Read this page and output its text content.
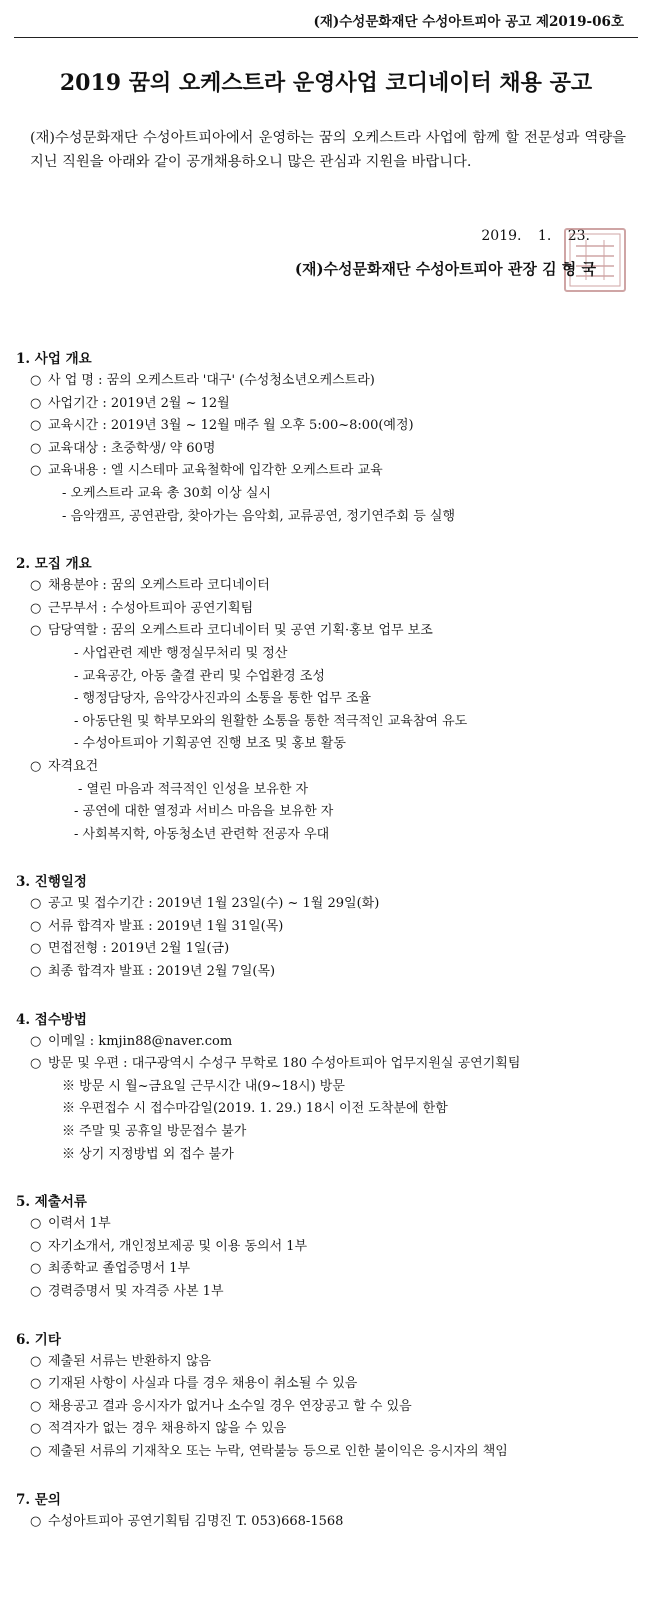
(재)수성문화재단 수성아트피아 공고 제2019-06호
2019 꿈의 오케스트라 운영사업 코디네이터 채용 공고
(재)수성문화재단 수성아트피아에서 운영하는 꿈의 오케스트라 사업에 함께 할 전문성과 역량을 지닌 직원을 아래와 같이 공개채용하오니 많은 관심과 지원을 바랍니다.
2019. 1. 23.
(재)수성문화재단 수성아트피아 관장 김 형 국
1. 사업 개요
○ 사 업 명 : 꿈의 오케스트라 '대구' (수성청소년오케스트라)
○ 사업기간 : 2019년 2월 ~ 12월
○ 교육시간 : 2019년 3월 ~ 12월 매주 월 오후 5:00~8:00(예정)
○ 교육대상 : 초중학생/ 약 60명
○ 교육내용 : 엘 시스테마 교육철학에 입각한 오케스트라 교육
- 오케스트라 교육 총 30회 이상 실시
- 음악캠프, 공연관람, 찾아가는 음악회, 교류공연, 정기연주회 등 실행
2. 모집 개요
○ 채용분야 : 꿈의 오케스트라 코디네이터
○ 근무부서 : 수성아트피아 공연기획팀
○ 담당역할 : 꿈의 오케스트라 코디네이터 및 공연 기획·홍보 업무 보조
- 사업관련 제반 행정실무처리 및 정산
- 교육공간, 아동 출결 관리 및 수업환경 조성
- 행정담당자, 음악강사진과의 소통을 통한 업무 조율
- 아동단원 및 학부모와의 원활한 소통을 통한 적극적인 교육참여 유도
- 수성아트피아 기획공연 진행 보조 및 홍보 활동
○ 자격요건
- 열린 마음과 적극적인 인성을 보유한 자
- 공연에 대한 열정과 서비스 마음을 보유한 자
- 사회복지학, 아동청소년 관련학 전공자 우대
3. 진행일정
○ 공고 및 접수기간 : 2019년 1월 23일(수) ~ 1월 29일(화)
○ 서류 합격자 발표 : 2019년 1월 31일(목)
○ 면접전형 : 2019년 2월 1일(금)
○ 최종 합격자 발표 : 2019년 2월 7일(목)
4. 접수방법
○ 이메일 : kmjin88@naver.com
○ 방문 및 우편 : 대구광역시 수성구 무학로 180 수성아트피아 업무지원실 공연기획팀
※ 방문 시 월~금요일 근무시간 내(9~18시) 방문
※ 우편접수 시 접수마감일(2019. 1. 29.) 18시 이전 도착분에 한함
※ 주말 및 공휴일 방문접수 불가
※ 상기 지정방법 외 접수 불가
5. 제출서류
○ 이력서 1부
○ 자기소개서, 개인정보제공 및 이용 동의서 1부
○ 최종학교 졸업증명서 1부
○ 경력증명서 및 자격증 사본 1부
6. 기타
○ 제출된 서류는 반환하지 않음
○ 기재된 사항이 사실과 다를 경우 채용이 취소될 수 있음
○ 채용공고 결과 응시자가 없거나 소수일 경우 연장공고 할 수 있음
○ 적격자가 없는 경우 채용하지 않을 수 있음
○ 제출된 서류의 기재착오 또는 누락, 연락불능 등으로 인한 불이익은 응시자의 책임
7. 문의
○ 수성아트피아 공연기획팀 김명진 T. 053)668-1568
